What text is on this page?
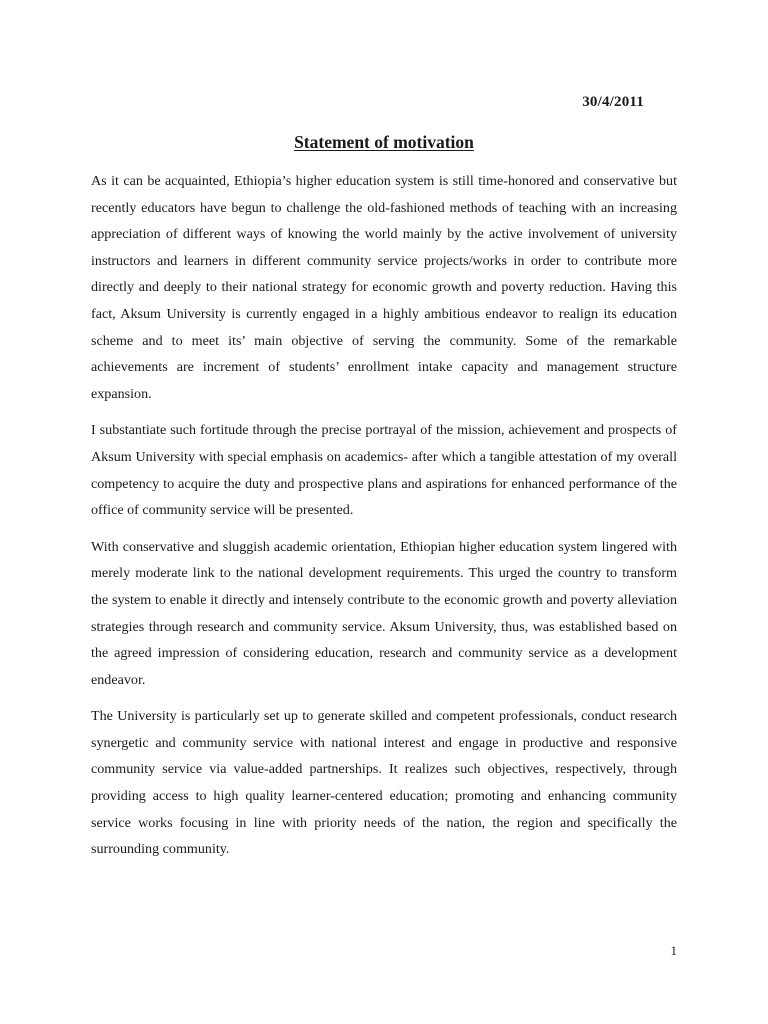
30/4/2011
Statement of motivation

As it can be acquainted, Ethiopia’s higher education system is still time-honored and conservative but recently educators have begun to challenge the old-fashioned methods of teaching with an increasing appreciation of different ways of knowing the world mainly by the active involvement of university instructors and learners in different community service projects/works in order to contribute more directly and deeply to their national strategy for economic growth and poverty reduction. Having this fact, Aksum University is currently engaged in a highly ambitious endeavor to realign its education scheme and to meet its’ main objective of serving the community. Some of the remarkable achievements are increment of students’ enrollment intake capacity and management structure expansion.

I substantiate such fortitude through the precise portrayal of the mission, achievement and prospects of Aksum University with special emphasis on academics- after which a tangible attestation of my overall competency to acquire the duty and prospective plans and aspirations for enhanced performance of the office of community service will be presented.

With conservative and sluggish academic orientation, Ethiopian higher education system lingered with merely moderate link to the national development requirements. This urged the country to transform the system to enable it directly and intensely contribute to the economic growth and poverty alleviation strategies through research and community service. Aksum University, thus, was established based on the agreed impression of considering education, research and community service as a development endeavor.

The University is particularly set up to generate skilled and competent professionals, conduct research synergetic and community service with national interest and engage in productive and responsive community service via value-added partnerships. It realizes such objectives, respectively, through providing access to high quality learner-centered education; promoting and enhancing community service works focusing in line with priority needs of the nation, the region and specifically the surrounding community.

1
